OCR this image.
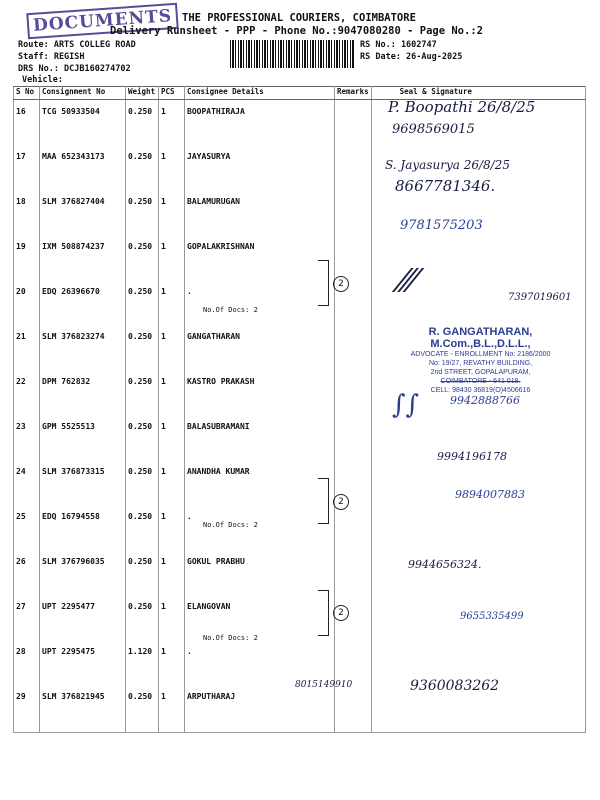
DOCUMENTS THE PROFESSIONAL COURIERS, COIMBATORE
Delivery Runsheet - PPP - Phone No.:9047080280 - Page No.:2
Route: ARTS COLLEG ROAD
Staff: REGISH
DRS No.: DCJB160274702
Vehicle:
RS No.: 1602747
RS Date: 26-Aug-2025
S No	Consignment No	Weight	PCS	Consignee Details	Remarks	Seal & Signature
16	TCG 50933504	0.250	1	BOOPATHIRAJA		
17	MAA 652343173	0.250	1	JAYASURYA		
18	SLM 376827404	0.250	1	BALAMURUGAN		
19	IXM 508874237	0.250	1	GOPALAKRISHNAN		
20	EDQ 26396670	0.250	1	.		
21	SLM 376823274	0.250	1	GANGATHARAN		
22	DPM 762832	0.250	1	KASTRO PRAKASH		
23	GPM 5525513	0.250	1	BALASUBRAMANI		
24	SLM 376873315	0.250	1	ANANDHA KUMAR		
25	EDQ 16794558	0.250	1	.		
26	SLM 376796035	0.250	1	GOKUL PRABHU		
27	UPT 2295477	0.250	1	ELANGOVAN		
28	UPT 2295475	1.120	1	.		
29	SLM 376821945	0.250	1	ARPUTHARAJ		
No.Of Docs: 2
No.Of Docs: 2
No.Of Docs: 2
2
2
2
P. Boopathi 26/8/25
9698569015
S. Jayasurya 26/8/25
8667781346.
9781575203
⁄⁄⁄	7397019601
∫∫	9942888766
9994196178
9894007883
9944656324.
9655335499
8015149910	9360083262
R. GANGATHARAN, M.Com.,B.L.,D.L.L.,
ADVOCATE - ENROLLMENT No: 2186/2000
No: 19/27, REVATHY BUILDING,
2nd STREET, GOPALAPURAM,
COIMBATORE - 641 018.
CELL: 98430 36819(O)4506616
